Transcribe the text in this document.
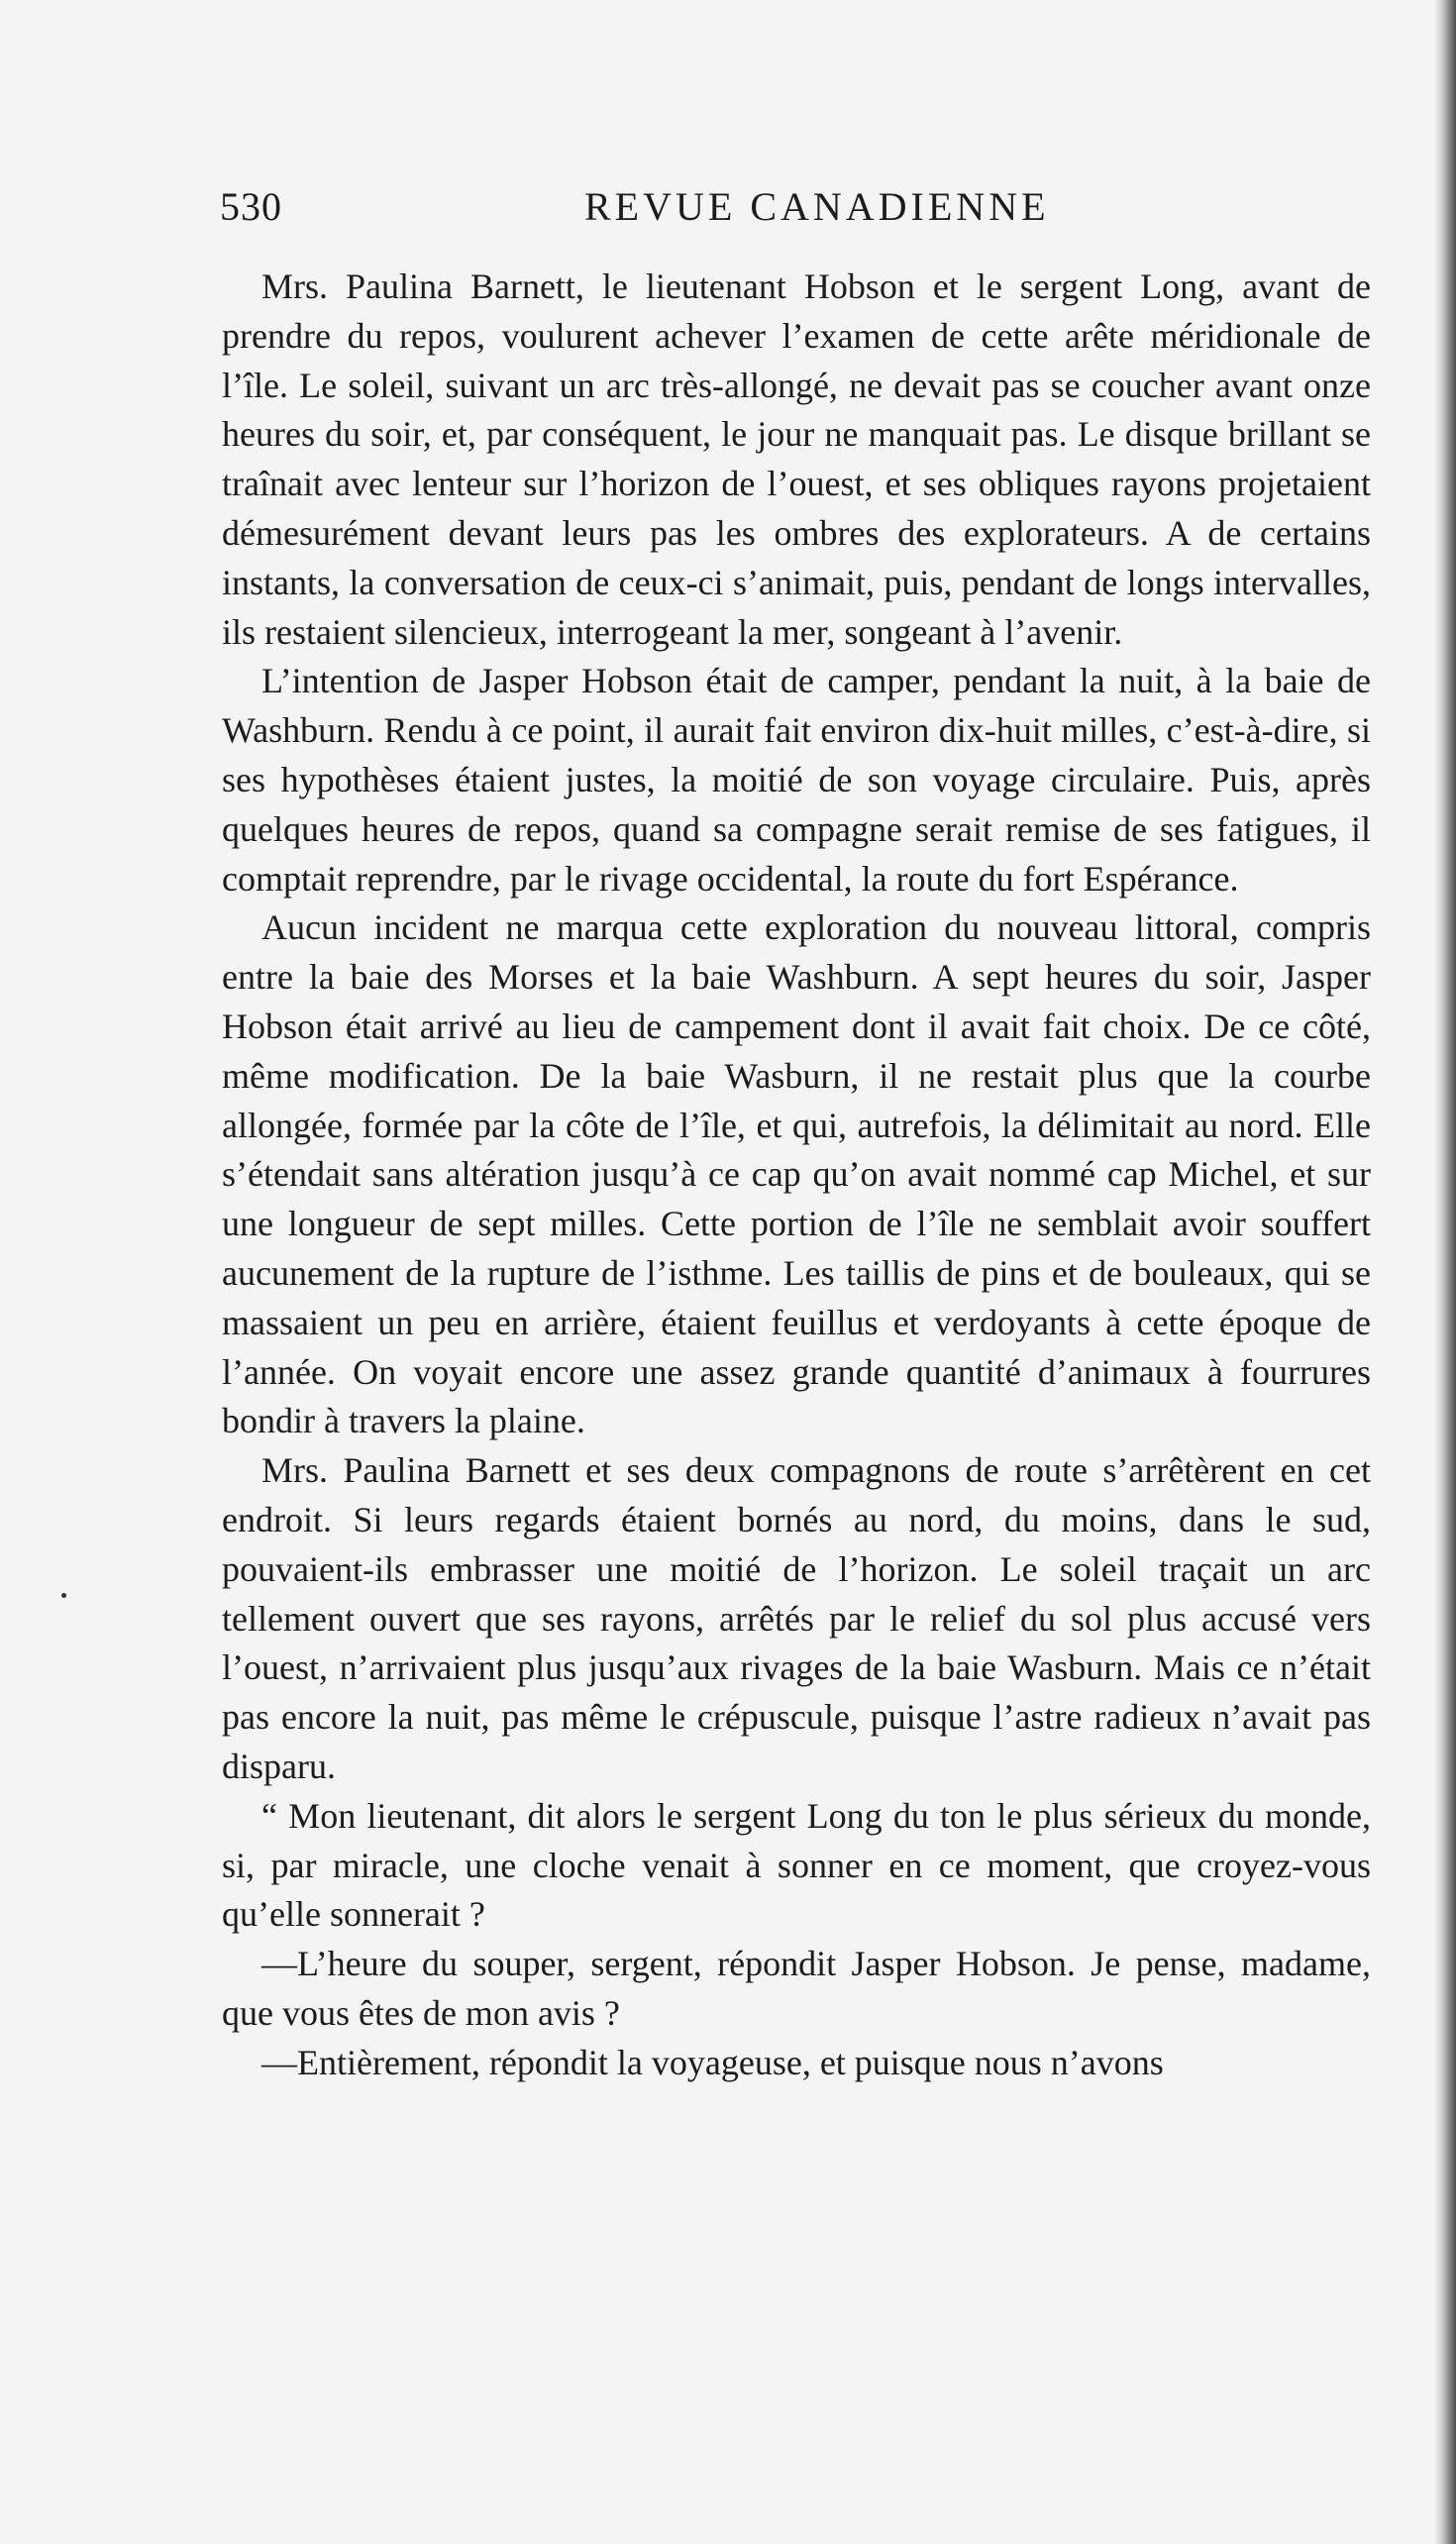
530	REVUE CANADIENNE

Mrs. Paulina Barnett, le lieutenant Hobson et le sergent Long, avant de prendre du repos, voulurent achever l’examen de cette arête méridionale de l’île. Le soleil, suivant un arc très-allongé, ne devait pas se coucher avant onze heures du soir, et, par conséquent, le jour ne manquait pas. Le disque brillant se traînait avec lenteur sur l’horizon de l’ouest, et ses obliques rayons projetaient démesurément devant leurs pas les ombres des explorateurs. A de certains instants, la conversation de ceux-ci s’animait, puis, pendant de longs intervalles, ils restaient silencieux, interrogeant la mer, songeant à l’avenir.

L’intention de Jasper Hobson était de camper, pendant la nuit, à la baie de Washburn. Rendu à ce point, il aurait fait environ dix-huit milles, c’est-à-dire, si ses hypothèses étaient justes, la moitié de son voyage circulaire. Puis, après quelques heures de repos, quand sa compagne serait remise de ses fatigues, il comptait reprendre, par le rivage occidental, la route du fort Espérance.

Aucun incident ne marqua cette exploration du nouveau littoral, compris entre la baie des Morses et la baie Washburn. A sept heures du soir, Jasper Hobson était arrivé au lieu de campement dont il avait fait choix. De ce côté, même modification. De la baie Wasburn, il ne restait plus que la courbe allongée, formée par la côte de l’île, et qui, autrefois, la délimitait au nord. Elle s’étendait sans altération jusqu’à ce cap qu’on avait nommé cap Michel, et sur une longueur de sept milles. Cette portion de l’île ne semblait avoir souffert aucunement de la rupture de l’isthme. Les taillis de pins et de bouleaux, qui se massaient un peu en arrière, étaient feuillus et verdoyants à cette époque de l’année. On voyait encore une assez grande quantité d’animaux à fourrures bondir à travers la plaine.

Mrs. Paulina Barnett et ses deux compagnons de route s’arrêtèrent en cet endroit. Si leurs regards étaient bornés au nord, du moins, dans le sud, pouvaient-ils embrasser une moitié de l’horizon. Le soleil traçait un arc tellement ouvert que ses rayons, arrêtés par le relief du sol plus accusé vers l’ouest, n’arrivaient plus jusqu’aux rivages de la baie Wasburn. Mais ce n’était pas encore la nuit, pas même le crépuscule, puisque l’astre radieux n’avait pas disparu.

“ Mon lieutenant, dit alors le sergent Long du ton le plus sérieux du monde, si, par miracle, une cloche venait à sonner en ce moment, que croyez-vous qu’elle sonnerait ?

—L’heure du souper, sergent, répondit Jasper Hobson. Je pense, madame, que vous êtes de mon avis ?

—Entièrement, répondit la voyageuse, et puisque nous n’avons
